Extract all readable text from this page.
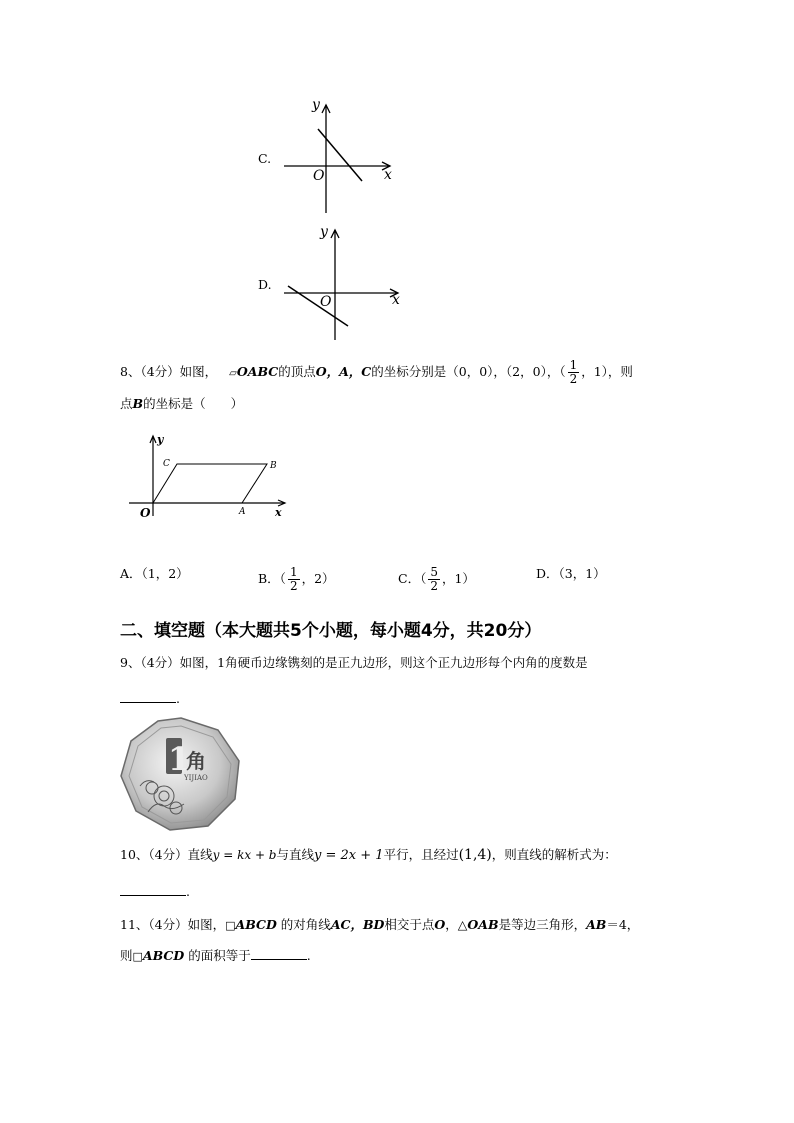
C.
y
O	x
D.
y
O	x
8、（4分）如图， ▱OABC的顶点O，A，C的坐标分别是（0，0），（2，0），（ $\frac{1}{2}$ ，1），则
点B的坐标是（　　）
y
C	B
O	A	x
A．（1，2）	B．（ $\frac{1}{2}$ ，2）	C．（ $\frac{5}{2}$ ，1）	D．（3，1）
二、填空题（本大题共5个小题，每小题4分，共20分）
9、（4分）如图，1角硬币边缘镌刻的是正九边形，则这个正九边形每个内角的度数是
.
1
角
YIJIAO
10、（4分）直线y = kx + b与直线y = 2x + 1平行，且经过(1,4)，则直线的解析式为：
.
11、（4分）如图，□ABCD 的对角线AC，BD相交于点O，△OAB是等边三角形，AB＝4，
则□ABCD 的面积等于	.
